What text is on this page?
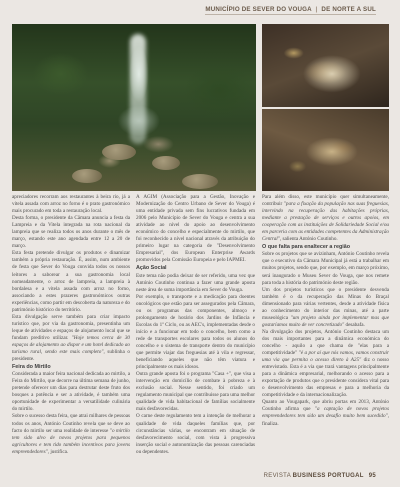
MUNICÍPIO DE SEVER DO VOUGA | DE NORTE A SUL

apreciadores recorram aos restaurantes à beira rio, já a vitela assada com arroz no forno é o prato gastronómico mais procurado em toda a restauração local.

Desta forma, o presidente da Câmara anuncia a festa da Lampreia e da Vitela integrada na rota nacional da lampreia que se realiza todos os anos durante o mês de março, estando este ano agendada entre 12 a 20 de março.

Esta festa pretende divulgar os produtos e dinamizar também a própria restauração. É, assim, num ambiente de festa que Sever do Vouga convida todos os nossos leitores a saborear a sua gastronomia local nomeadamente, o arroz de lampreia, a lampreia à bordalesa e a vitela assada com arroz no forno, associando a estes prazeres gastronómicos outras experiências, como partir em descoberta da natureza e do património histórico do território.

Esta divulgação serve também para criar impacto turístico que, por via da gastronomia, presentinha um leque de atividades e espaços de alojamento local que se fundam preditivo utilizar. "Hoje temos cerca de 30 espaços de alojamento ao dispor e um hotel dedicado ao turismo rural, sendo este mais completo", sublinha o presidente.

Feira do Mirtilo

Considerada a maior feira nacional dedicada ao mirtilo, a Feira do Mirtilo, que decorre na última semana de junho, pretende oferecer um dias para destrutar deste fruto dos bosques a potência e ser a atividade, é também uma oportunidade de experimentar a versatilidade culinária do mirtilo.

Sobre o sucesso desta feira, que atrai milhares de pessoas todos os anos, António Coutinho revela que se deve ao facto do mirtilo ser uma realidade de interesse "o mirtilo tem sido alvo de novos projetos para pequenos agricultores e tem tido também incentivos para jovens empreendedores", justifica.

A AGIM (Associação para a Gestão, Inovação e Modernização do Centro Urbano de Sever do Vouga) é uma entidade privada sem fins lucrativos fundada em 2006 pelo Município de Sever do Vouga e centra a sua atividade ao nível do apoio ao desenvolvimento económico do concelho e especialmente do mirtilo, que foi reconhecido a nível nacional através da atribuição do primeiro lugar na categoria de "Desenvolvimento Empresarial", dos European Enterprise Awards promovidos pela Comissão Europeia e pelo IAPMEI.

Ação Social

Este tema não podia deixar de ser referido, uma vez que António Coutinho continua a fazer uma grande aposta neste área de suma importância em Sever do Vouga.

Por exemplo, o transporte e a medicação para doentes oncológicos que estão para ser assegurados pela Câmara, ou os programas das componentes, almoço e prolongamento de horário dos Jardins de Infância e Escolas do 1º Ciclo, ou as AEC's, implementadas desde o início e a funcionar em todo o concelho, bem como a rede de transportes escolares para todos os alunos do concelho e o sistema de transporte dentro do município que permite viajar das freguesias até à vila e regressar, beneficiando aqueles que não têm viatura e principalmente os mais idosos.

Outra grande aposta foi o programa "Casa +", que visa a intervenção em domicílio de combate à pobreza e à exclusão social. Nesse sentido, foi criado um regulamento municipal que contribuisse para uma melhor qualidade de vida habitacional de famílias socialmente mais desfavorecidas.

O carne deste regulamento tem a intenção de melhorar a qualidade de vida daqueles famílias que, por circunstâncias várias, se encontram em situação de desfavorecimento social, com vista à progressiva inserção social e autonomização das pessoas carenciadas ou dependentes.

Para além disso, este município quer simultaneamente, contribuir "para a fixação da população nas suas freguesias, intervindo na recuperação das habitações próprias, mediante a prestação de serviços e outros apoios, em cooperação com as instituições de Solidariedade Social e/ou em parceria com as entidades competentes da Administração Central", salienta António Coutinho.

O que falta para enaltecer a região

Sobre os projetos que se avizinham, António Coutinho revela que o executivo da Câmara Municipal já está a trabalhar em muitos projetos, sendo que, por exemplo, em março próximo, será inaugurado o Museu Sever do Vouga, que nos remete para toda a história do património deste região.

Um dos projetos turísticos que o presidente desvenda também é o da recuperação das Minas do Braçal dimensionado para várias vertentes, desde a atividade física ao conhecimento do interior das minas, até a parte museológica "um projeto ainda por implementar mas que gostaríamos muito de ver concretizado" desabafa.

Na divulgação dos projetos, António Coutinho destaca um dos mais importantes para a dinâmica económica do concelho - aquilo a que chama de "elas para a competitividade" "é a por aí que nós vamos, vamos construir uma via que permita o acesso direto à A25" diz o nosso entrevistado. Esta é a via que trará vantagens principalmente para a dinâmica empresarial, melhorando o acesso para a exportação de produtos que o presidente considera vital para o desenvolvimento das empresas e para a melhoria da competitividade e da internacionalização.

Quanto ao Vougapark, que abriu portas em 2013, António Coutinho afirma que "a captação de novos projetos empreendedores tem sido um desafio muito bem sucedido", finaliza.

REVISTA BUSINESS PORTUGAL 95
